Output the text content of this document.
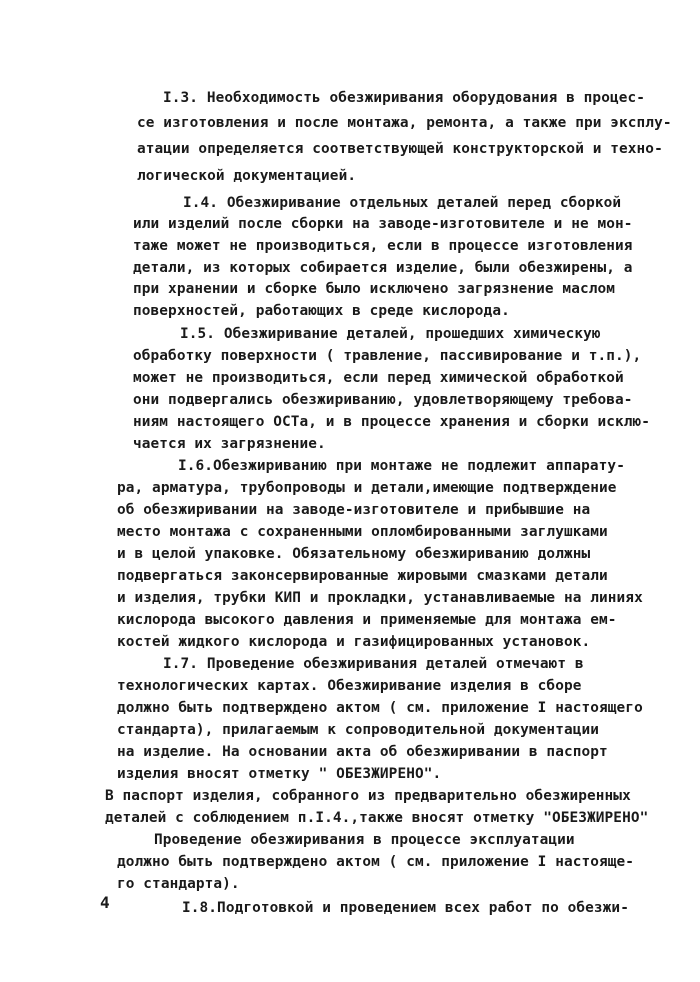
I.3. Необходимость обезжиривания оборудования в процес-
се изготовления и после монтажа, ремонта, а также при эксплу-
атации определяется соответствующей конструкторской и техно-
логической документацией.
I.4. Обезжиривание отдельных деталей перед сборкой
или изделий после сборки на заводе-изготовителе и не мон-
таже может не производиться, если в процессе изготовления
детали, из которых собирается изделие, были обезжирены, а
при хранении и сборке было исключено загрязнение маслом
поверхностей, работающих в среде кислорода.
I.5. Обезжиривание деталей, прошедших химическую
обработку поверхности ( травление, пассивирование и т.п.),
может не производиться, если перед химической обработкой
они подвергались обезжириванию, удовлетворяющему требова-
ниям настоящего ОСТа, и в процессе хранения и сборки исклю-
чается их загрязнение.
I.6.Обезжириванию при монтаже не подлежит аппарату-
ра, арматура, трубопроводы и детали,имеющие подтверждение
об обезжиривании на заводе-изготовителе и прибывшие на
место монтажа с сохраненными опломбированными заглушками
и в целой упаковке. Обязательному обезжириванию должны
подвергаться законсервированные жировыми смазками детали
и изделия, трубки КИП и прокладки, устанавливаемые на линиях
кислорода высокого давления и применяемые для монтажа ем-
костей жидкого кислорода и газифицированных установок.
I.7. Проведение обезжиривания деталей отмечают в
технологических картах. Обезжиривание изделия в сборе
должно быть подтверждено актом ( см. приложение I настоящего
стандарта), прилагаемым к сопроводительной документации
на изделие. На основании акта об обезжиривании в паспорт
изделия вносят отметку " ОБЕЗЖИРЕНО".
В паспорт изделия, собранного из предварительно обезжиренных
деталей с соблюдением п.I.4.,также вносят отметку "ОБЕЗЖИРЕНО"
Проведение обезжиривания в процессе эксплуатации
должно быть подтверждено актом ( см. приложение I настояще-
го стандарта).
I.8.Подготовкой и проведением всех работ по обезжи-
4
